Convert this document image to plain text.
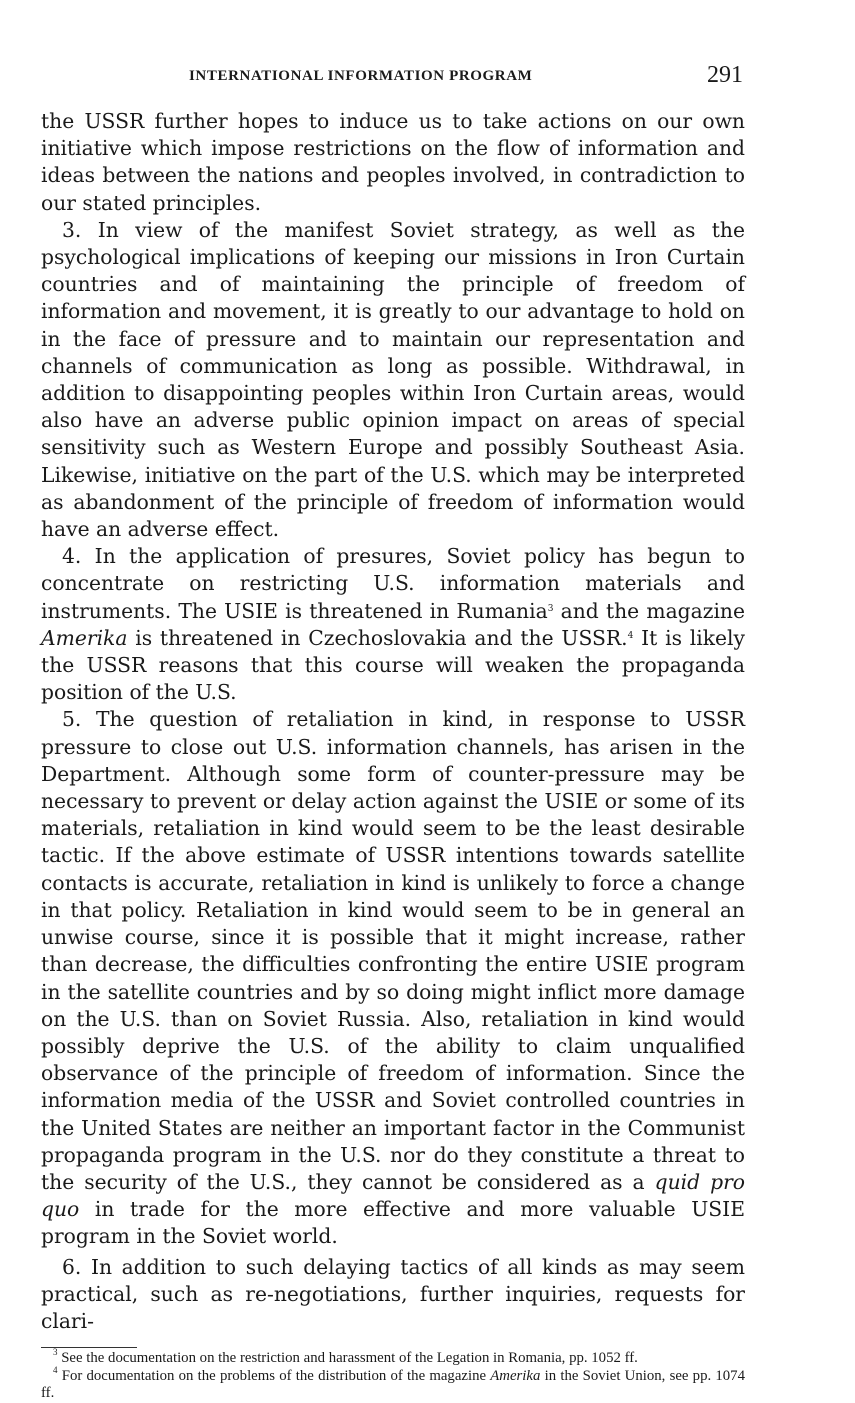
INTERNATIONAL INFORMATION PROGRAM	291

the USSR further hopes to induce us to take actions on our own initiative which impose restrictions on the flow of information and ideas between the nations and peoples involved, in contradiction to our stated principles.

3. In view of the manifest Soviet strategy, as well as the psychological implications of keeping our missions in Iron Curtain countries and of maintaining the principle of freedom of information and movement, it is greatly to our advantage to hold on in the face of pressure and to maintain our representation and channels of communication as long as possible. Withdrawal, in addition to disappointing peoples within Iron Curtain areas, would also have an adverse public opinion impact on areas of special sensitivity such as Western Europe and possibly Southeast Asia. Likewise, initiative on the part of the U.S. which may be interpreted as abandonment of the principle of freedom of information would have an adverse effect.

4. In the application of presures, Soviet policy has begun to concentrate on restricting U.S. information materials and instruments. The USIE is threatened in Rumania$^3$ and the magazine Amerika is threatened in Czechoslovakia and the USSR.$^4$ It is likely the USSR reasons that this course will weaken the propaganda position of the U.S.

5. The question of retaliation in kind, in response to USSR pressure to close out U.S. information channels, has arisen in the Department. Although some form of counter-pressure may be necessary to prevent or delay action against the USIE or some of its materials, retaliation in kind would seem to be the least desirable tactic. If the above estimate of USSR intentions towards satellite contacts is accurate, retaliation in kind is unlikely to force a change in that policy. Retaliation in kind would seem to be in general an unwise course, since it is possible that it might increase, rather than decrease, the difficulties confronting the entire USIE program in the satellite countries and by so doing might inflict more damage on the U.S. than on Soviet Russia. Also, retaliation in kind would possibly deprive the U.S. of the ability to claim unqualified observance of the principle of freedom of information. Since the information media of the USSR and Soviet controlled countries in the United States are neither an important factor in the Communist propaganda program in the U.S. nor do they constitute a threat to the security of the U.S., they cannot be considered as a quid pro quo in trade for the more effective and more valuable USIE program in the Soviet world.

6. In addition to such delaying tactics of all kinds as may seem practical, such as re-negotiations, further inquiries, requests for clari-

$^3$ See the documentation on the restriction and harassment of the Legation in Romania, pp. 1052 ff.

$^4$ For documentation on the problems of the distribution of the magazine Amerika in the Soviet Union, see pp. 1074 ff.
